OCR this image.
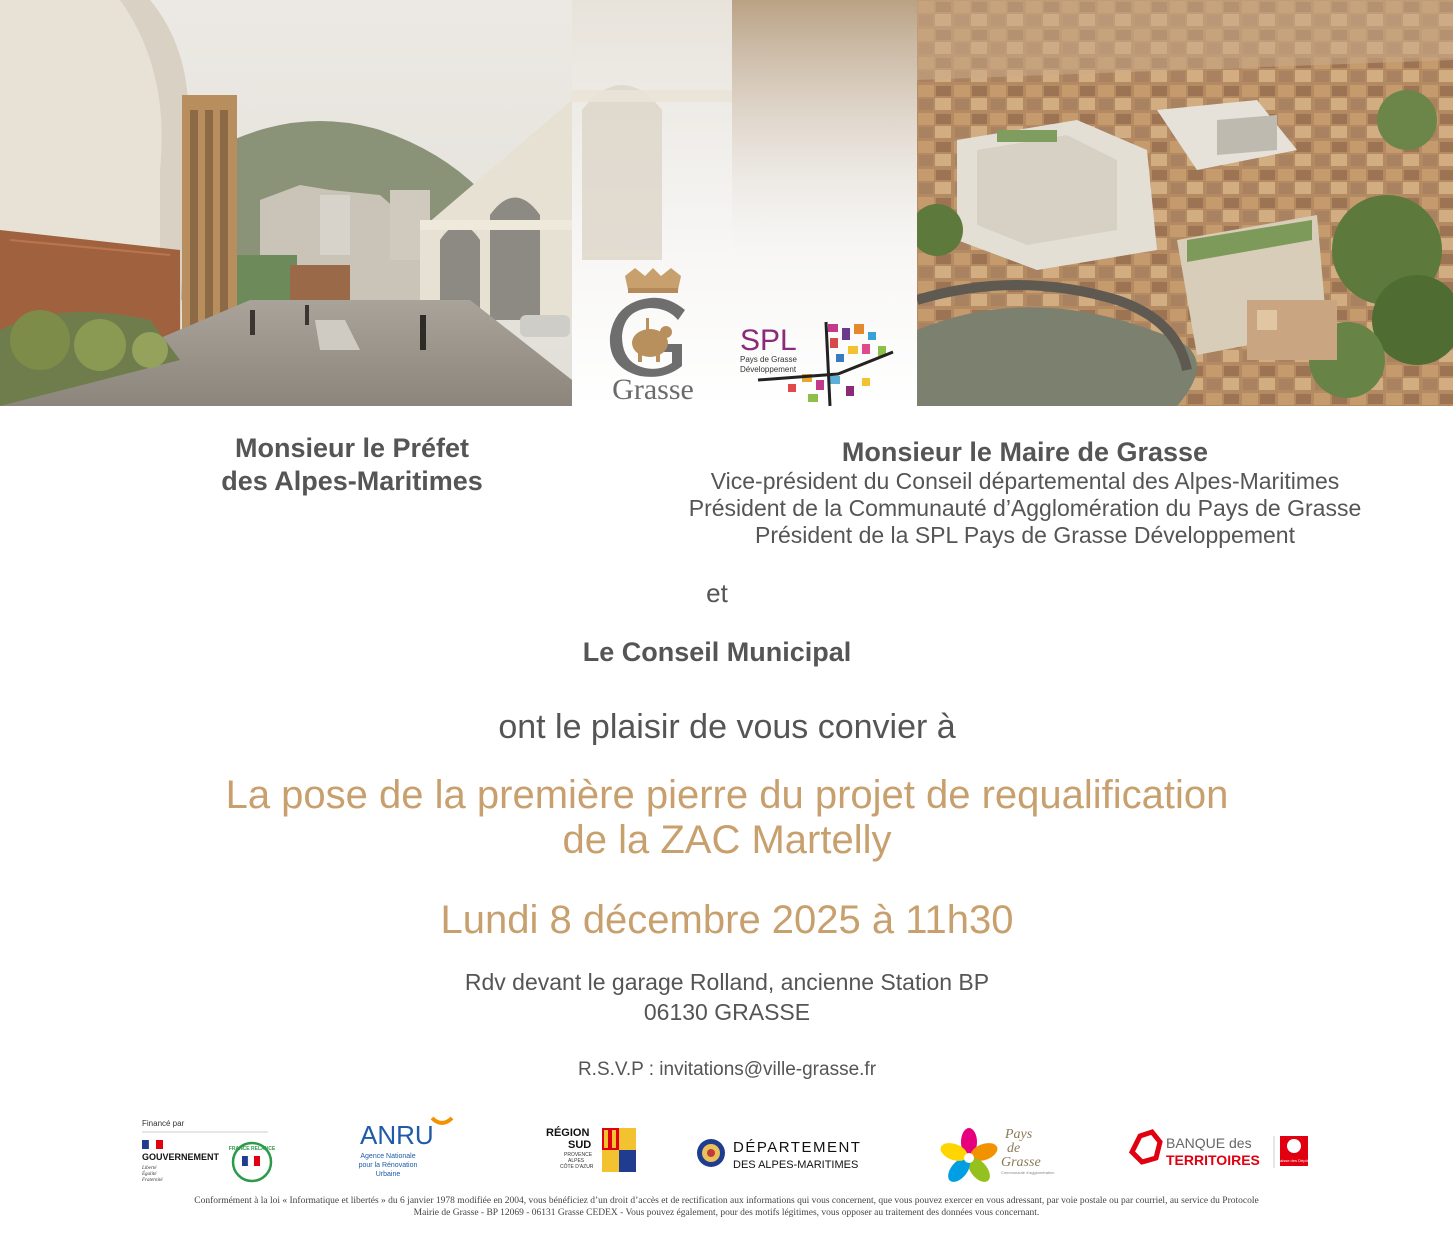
Grasse
SPL
Pays de Grasse
Développement
Monsieur le Préfet
des Alpes-Maritimes
Monsieur le Maire de Grasse
Vice-président du Conseil départemental des Alpes-Maritimes
Président de la Communauté d’Agglomération du Pays de Grasse
Président de la SPL Pays de Grasse Développement
et
Le Conseil Municipal
ont le plaisir de vous convier à
La pose de la première pierre du projet de requalification
de la ZAC Martelly
Lundi 8 décembre 2025 à 11h30
Rdv devant le garage Rolland, ancienne Station BP
06130 GRASSE
R.S.V.P : invitations@ville-grasse.fr
Financé par
GOUVERNEMENT
Liberté
Égalité
Fraternité
FRANCE RELANCE	ANRU
Agence Nationale
pour la Rénovation
Urbaine
RÉGION
SUD
PROVENCE
ALPES
CÔTE D'AZUR
DÉPARTEMENT
DES ALPES-MARITIMES
Pays
de
Grasse
Communauté d'agglomération
BANQUE des
TERRITOIRES	Caisse des Dépôts
Conformément à la loi « Informatique et libertés » du 6 janvier 1978 modifiée en 2004, vous bénéficiez d’un droit d’accès et de rectification aux informations qui vous concernent, que vous pouvez exercer en vous adressant, par voie postale ou par courriel, au service du Protocole
Mairie de Grasse - BP 12069 - 06131 Grasse CEDEX - Vous pouvez également, pour des motifs légitimes, vous opposer au traitement des données vous concernant.
